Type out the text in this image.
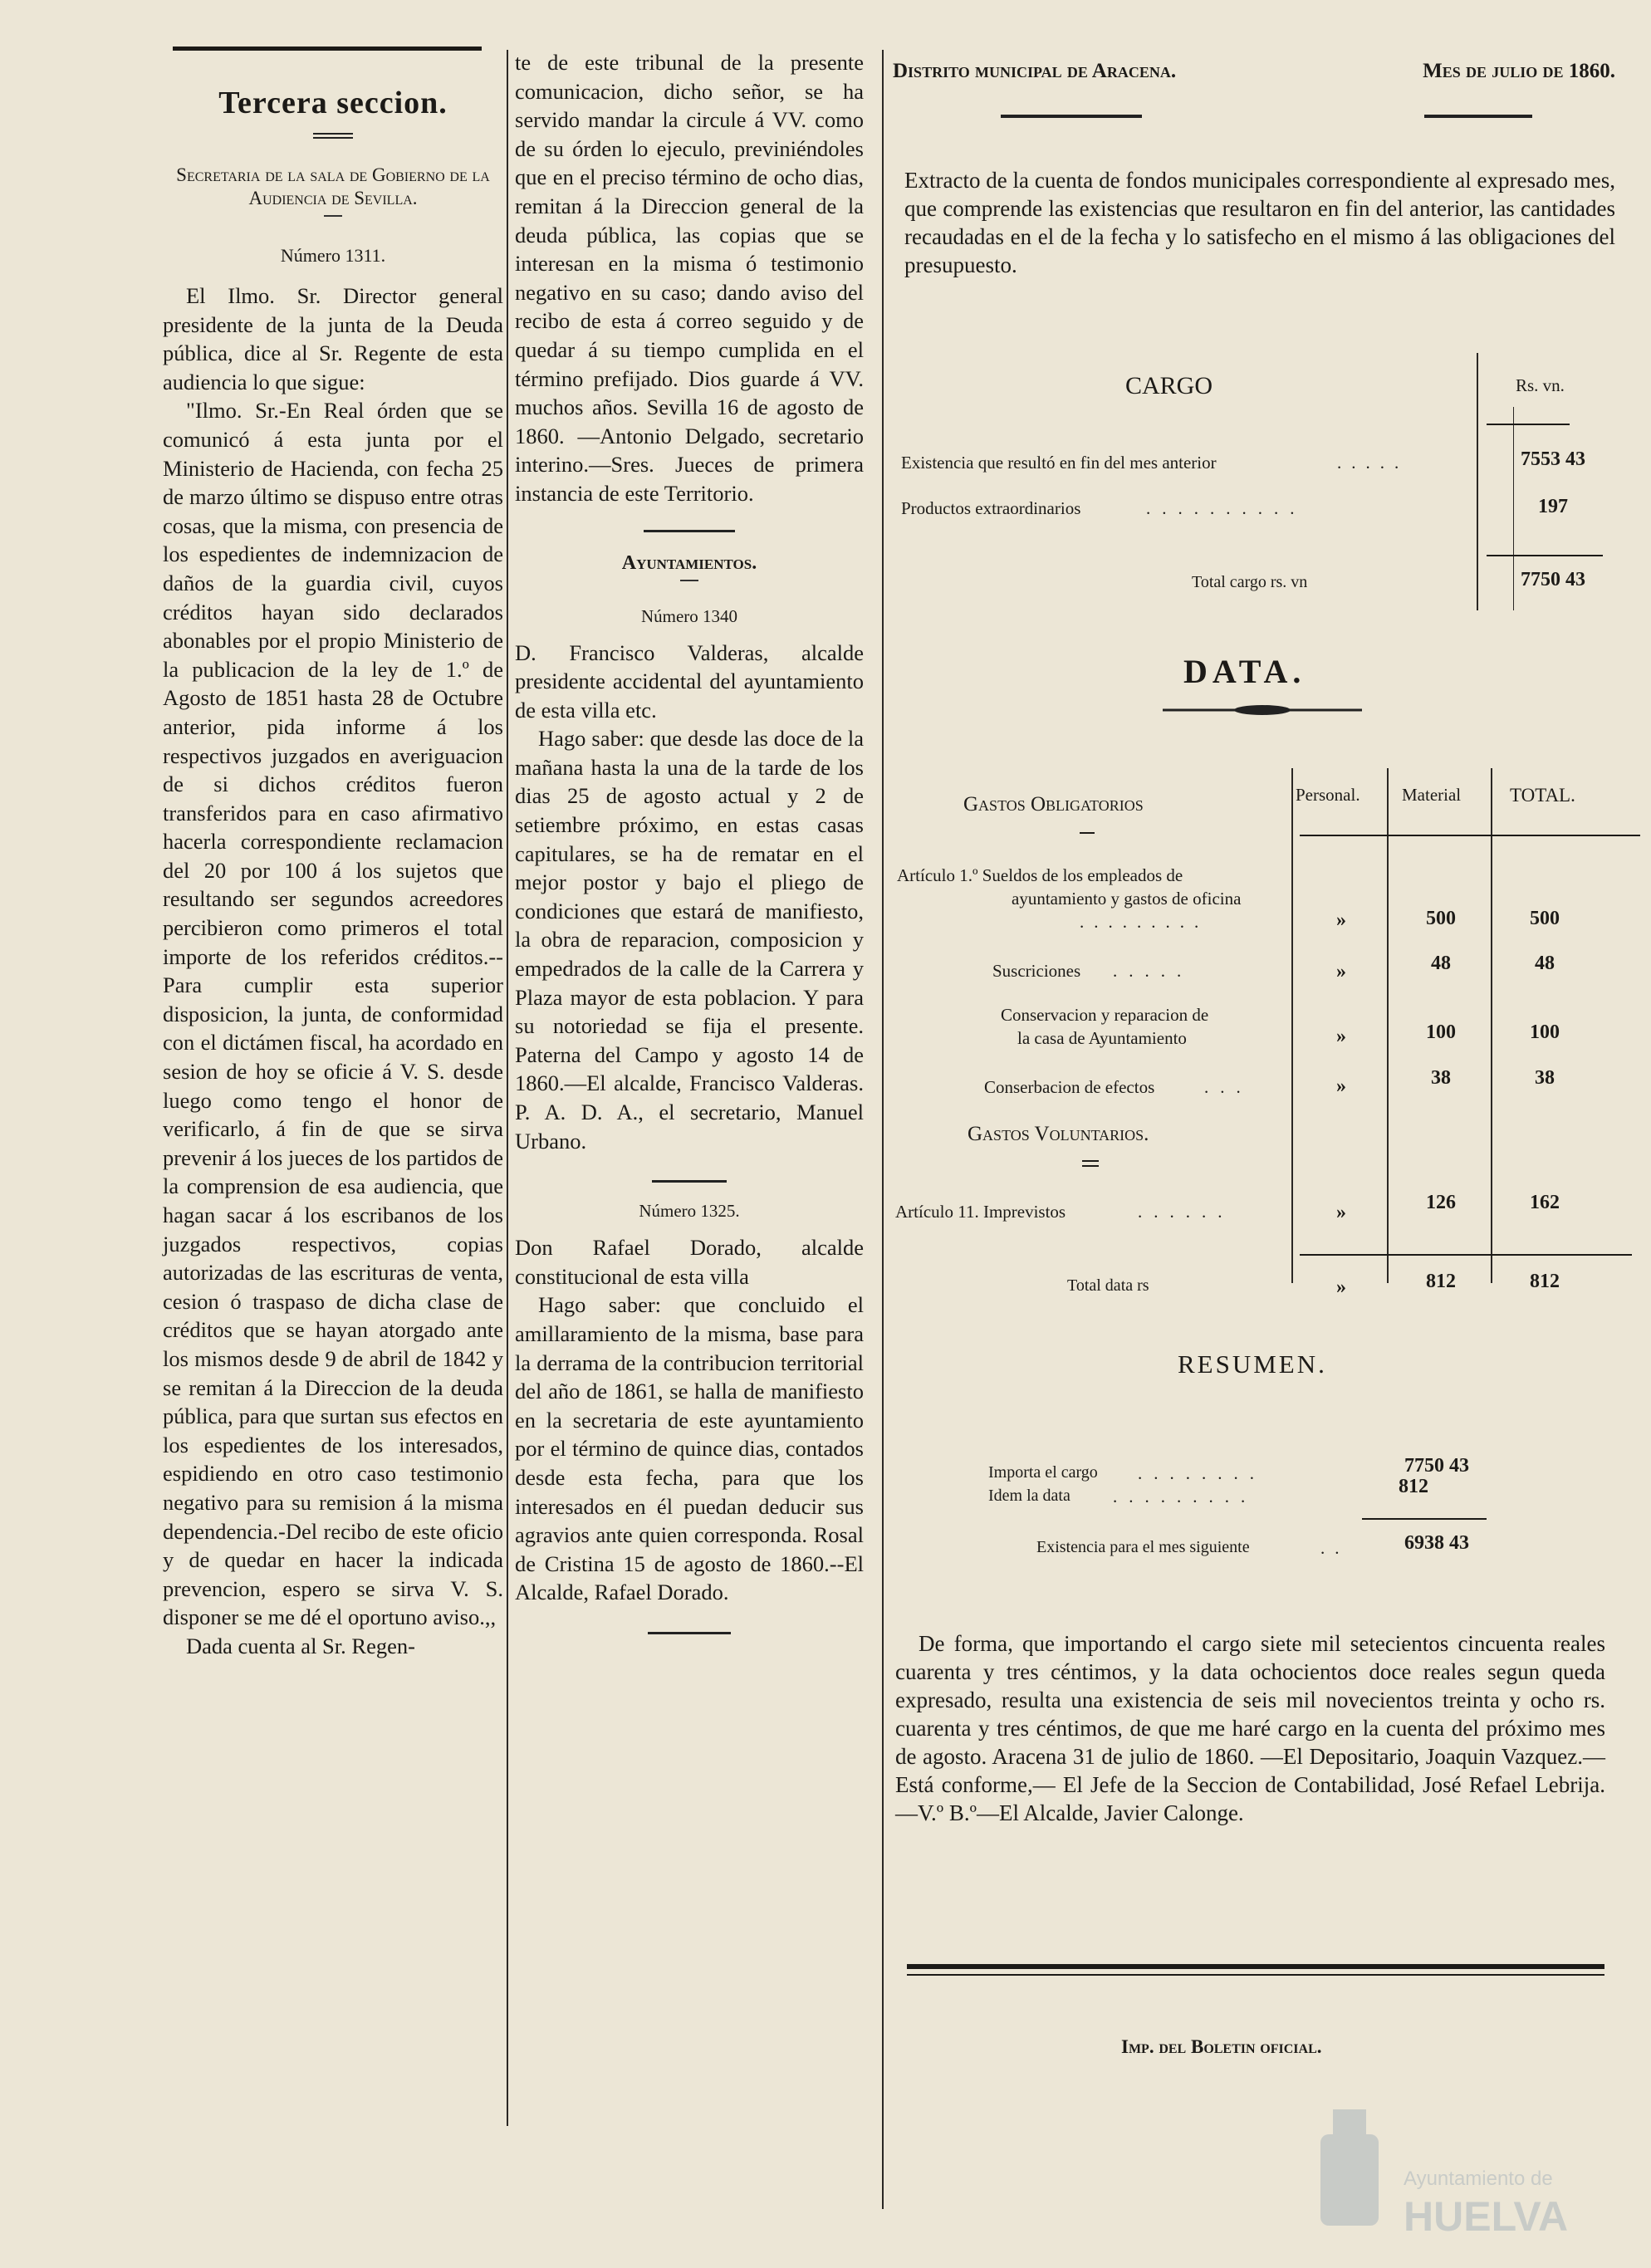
Tercera seccion.

Secretaria de la sala de Gobierno de la Audiencia de Sevilla.

Número 1311.

El Ilmo. Sr. Director general presidente de la junta de la Deuda pública, dice al Sr. Regente de esta audiencia lo que sigue:

"Ilmo. Sr.-En Real órden que se comunicó á esta junta por el Ministerio de Hacienda, con fecha 25 de marzo último se dispuso entre otras cosas, que la misma, con presencia de los espedientes de indemnizacion de daños de la guardia civil, cuyos créditos hayan sido declarados abonables por el propio Ministerio de la publicacion de la ley de 1.º de Agosto de 1851 hasta 28 de Octubre anterior, pida informe á los respectivos juzgados en averiguacion de si dichos créditos fueron transferidos para en caso afirmativo hacerla correspondiente reclamacion del 20 por 100 á los sujetos que resultando ser segundos acreedores percibieron como primeros el total importe de los referidos créditos.--Para cumplir esta superior disposicion, la junta, de conformidad con el dictámen fiscal, ha acordado en sesion de hoy se oficie á V. S. desde luego como tengo el honor de verificarlo, á fin de que se sirva prevenir á los jueces de los partidos de la comprension de esa audiencia, que hagan sacar á los escribanos de los juzgados respectivos, copias autorizadas de las escrituras de venta, cesion ó traspaso de dicha clase de créditos que se hayan atorgado ante los mismos desde 9 de abril de 1842 y se remitan á la Direccion de la deuda pública, para que surtan sus efectos en los espedientes de los interesados, espidiendo en otro caso testimonio negativo para su remision á la misma dependencia.-Del recibo de este oficio y de quedar en hacer la indicada prevencion, espero se sirva V. S. disponer se me dé el oportuno aviso.,,

Dada cuenta al Sr. Regen-

te de este tribunal de la presente comunicacion, dicho señor, se ha servido mandar la circule á VV. como de su órden lo ejeculo, previniéndoles que en el preciso término de ocho dias, remitan á la Direccion general de la deuda pública, las copias que se interesan en la misma ó testimonio negativo en su caso; dando aviso del recibo de esta á correo seguido y de quedar á su tiempo cumplida en el término prefijado. Dios guarde á VV. muchos años. Sevilla 16 de agosto de 1860. —Antonio Delgado, secretario interino.—Sres. Jueces de primera instancia de este Territorio.

Ayuntamientos.

Número 1340

D. Francisco Valderas, alcalde presidente accidental del ayuntamiento de esta villa etc.

Hago saber: que desde las doce de la mañana hasta la una de la tarde de los dias 25 de agosto actual y 2 de setiembre próximo, en estas casas capitulares, se ha de rematar en el mejor postor y bajo el pliego de condiciones que estará de manifiesto, la obra de reparacion, composicion y empedrados de la calle de la Carrera y Plaza mayor de esta poblacion. Y para su notoriedad se fija el presente. Paterna del Campo y agosto 14 de 1860.—El alcalde, Francisco Valderas. P. A. D. A., el secretario, Manuel Urbano.

Número 1325.

Don Rafael Dorado, alcalde constitucional de esta villa

Hago saber: que concluido el amillaramiento de la misma, base para la derrama de la contribucion territorial del año de 1861, se halla de manifiesto en la secretaria de este ayuntamiento por el término de quince dias, contados desde esta fecha, para que los interesados en él puedan deducir sus agravios ante quien corresponda. Rosal de Cristina 15 de agosto de 1860.--El Alcalde, Rafael Dorado.

Distrito municipal de Aracena.	Mes de julio de 1860.

Extracto de la cuenta de fondos municipales correspondiente al expresado mes, que comprende las existencias que resultaron en fin del anterior, las cantidades recaudadas en el de la fecha y lo satisfecho en el mismo á las obligaciones del presupuesto.

CARGO	Rs. vn.
Existencia que resultó en fin del mes anterior	.....	7553 43
Productos extraordinarios	..........	197
Total cargo rs. vn	7750 43
DATA.
Gastos Obligatorios	Personal. Material	TOTAL.
Artículo 1.º Sueldos de los empleados de
ayuntamiento y gastos de oficina
.........	»	500	500
Suscriciones .....	»	48	48
Conservacion y reparacion de
la casa de Ayuntamiento	»	100	100
Conserbacion de efectos	...	»	38	38
Gastos Voluntarios.
Artículo 11. Imprevistos	......	»	126	162
Total data rs	»	812	812
RESUMEN.
Importa el cargo ........	7750 43
Idem la data .........	812
Existencia para el mes siguiente	..	6938 43

De forma, que importando el cargo siete mil setecientos cincuenta reales cuarenta y tres céntimos, y la data ochocientos doce reales segun queda expresado, resulta una existencia de seis mil novecientos treinta y ocho rs. cuarenta y tres céntimos, de que me haré cargo en la cuenta del próximo mes de agosto. Aracena 31 de julio de 1860. —El Depositario, Joaquin Vazquez.—Está conforme,— El Jefe de la Seccion de Contabilidad, José Refael Lebrija.—V.º B.º—El Alcalde, Javier Calonge.

Imp. del Boletin oficial.
Ayuntamiento de
HUELVA
